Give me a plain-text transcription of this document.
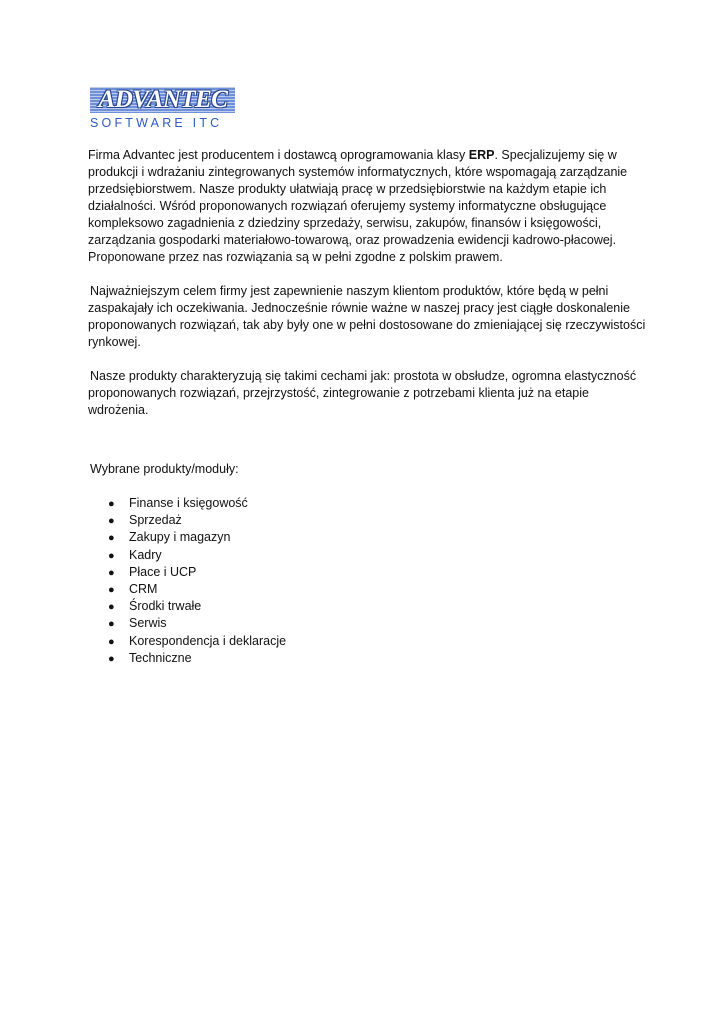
ADVANTEC
SOFTWARE ITC

Firma Advantec jest producentem i dostawcą oprogramowania klasy ERP. Specjalizujemy się w produkcji i wdrażaniu zintegrowanych systemów informatycznych, które wspomagają zarządzanie przedsiębiorstwem. Nasze produkty ułatwiają pracę w przedsiębiorstwie na każdym etapie ich działalności. Wśród proponowanych rozwiązań oferujemy systemy informatyczne obsługujące kompleksowo zagadnienia z dziedziny sprzedaży, serwisu, zakupów, finansów i księgowości, zarządzania gospodarki materiałowo-towarową, oraz prowadzenia ewidencji kadrowo-płacowej. Proponowane przez nas rozwiązania są w pełni zgodne z polskim prawem.

Najważniejszym celem firmy jest zapewnienie naszym klientom produktów, które będą w pełni zaspakajały ich oczekiwania. Jednocześnie równie ważne w naszej pracy jest ciągłe doskonalenie proponowanych rozwiązań, tak aby były one w pełni dostosowane do zmieniającej się rzeczywistości rynkowej.

Nasze produkty charakteryzują się takimi cechami jak: prostota w obsłudze, ogromna elastyczność proponowanych rozwiązań, przejrzystość, zintegrowanie z potrzebami klienta już na etapie wdrożenia.

Wybrane produkty/moduły:
● Finanse i księgowość
● Sprzedaż
● Zakupy i magazyn
● Kadry
● Płace i UCP
● CRM
● Środki trwałe
● Serwis
● Korespondencja i deklaracje
● Techniczne
